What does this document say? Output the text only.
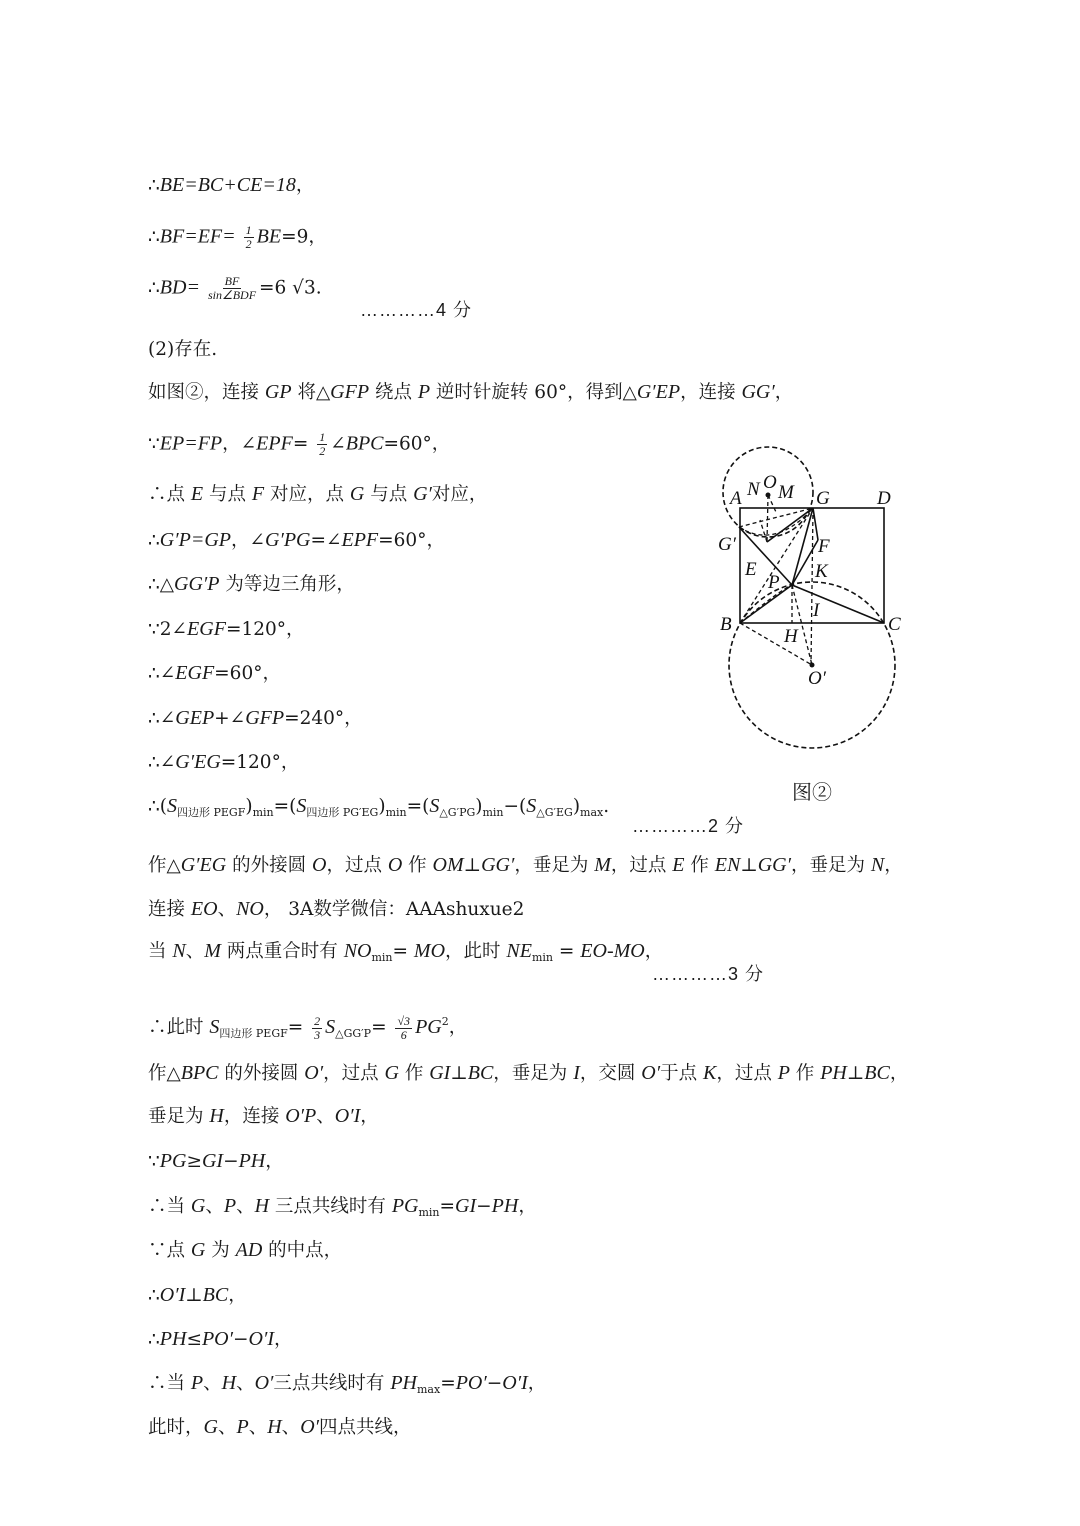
∴BE=BC+CE=18，
∴BF=EF= $\frac{1}{2} BE=9$，
∴BD= $\frac{BF}{\text{sin∠BDF}} =6$ √3.
(2)存在.
如图②，连接 GP 将△GFP 绕点 P 逆时针旋转 60°，得到△G′EP，连接 GG′，
∵EP=FP，∠EPF= $\frac{1}{2}$ ∠BPC=60°，
∴点 E 与点 F 对应，点 G 与点 G′对应，
∴G′P=GP，∠G′PG=∠EPF=60°，
∴△GG′P 为等边三角形，
∵2∠EGF=120°，
∴∠EGF=60°，
∴∠GEP+∠GFP=240°，
∴∠G′EG=120°，
$\therefore(S_{四边形 PEGF})_{min}=(S_{四边形 PG'EG})_{min}=(S_{\triangle G'PG})_{min}-(S_{\triangle G'EG})_{max}$.
作△G′EG 的外接圆 O，过点 O 作 OM⊥GG′，垂足为 M，过点 E 作 EN⊥GG′，垂足为 N，
连接 EO、NO， 3A数学微信：AAAshuxue2
当 N、M 两点重合时有 $NO_{min}=$ MO，此时 $NE_{min} = EO-MO$，
∴此时 $S_{四边形 PEGF}= \frac{2}{3} S_{\triangle GG'P}= \frac{√3}{6} PG^2$，
作△BPC 的外接圆 O′，过点 G 作 GI⊥BC，垂足为 I，交圆 O′于点 K，过点 P 作 PH⊥BC，
垂足为 H，连接 O′P、O′I，
∵PG≥GI−PH，
∴当 G、P、H 三点共线时有 $PG_{min}=GI-PH$，
∵点 G 为 AD 的中点，
∴O′I⊥BC，
∴PH≤PO′−O′I，
∴当 P、H、O′三点共线时有 $PH_{max}=PO'-O'I$，
此时，G、P、H、O′四点共线，
…………4 分
…………2 分
…………3 分
A N O M G D
G′	F
E	K
P
I
B	C
H
O′
图②
